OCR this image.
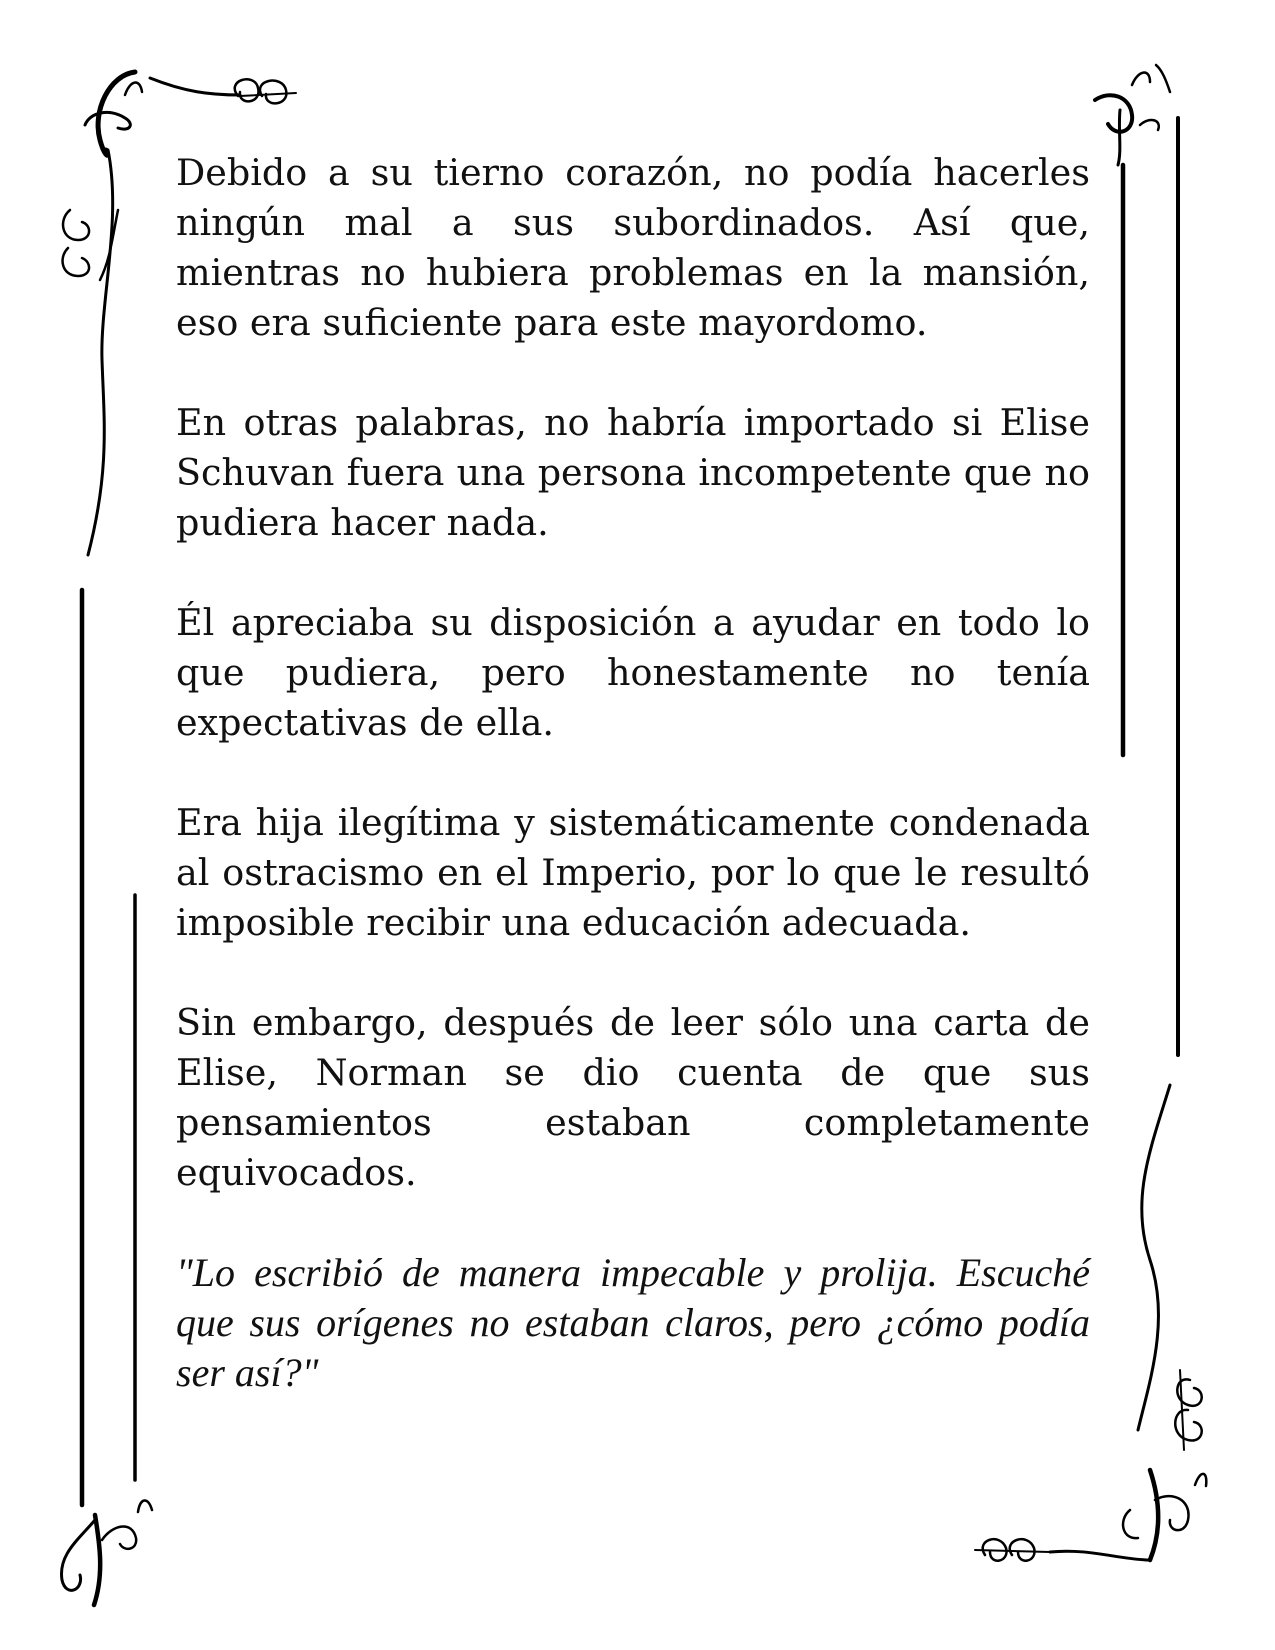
Debido a su tierno corazón, no podía hacerles ningún mal a sus subordinados. Así que, mientras no hubiera problemas en la mansión, eso era suficiente para este mayordomo.

En otras palabras, no habría importado si Elise Schuvan fuera una persona incompetente que no pudiera hacer nada.

Él apreciaba su disposición a ayudar en todo lo que pudiera, pero honestamente no tenía expectativas de ella.

Era hija ilegítima y sistemáticamente condenada al ostracismo en el Imperio, por lo que le resultó imposible recibir una educación adecuada.

Sin embargo, después de leer sólo una carta de Elise, Norman se dio cuenta de que sus pensamientos estaban completamente equivocados.

"Lo escribió de manera impecable y prolija. Escuché que sus orígenes no estaban claros, pero ¿cómo podía ser así?"
